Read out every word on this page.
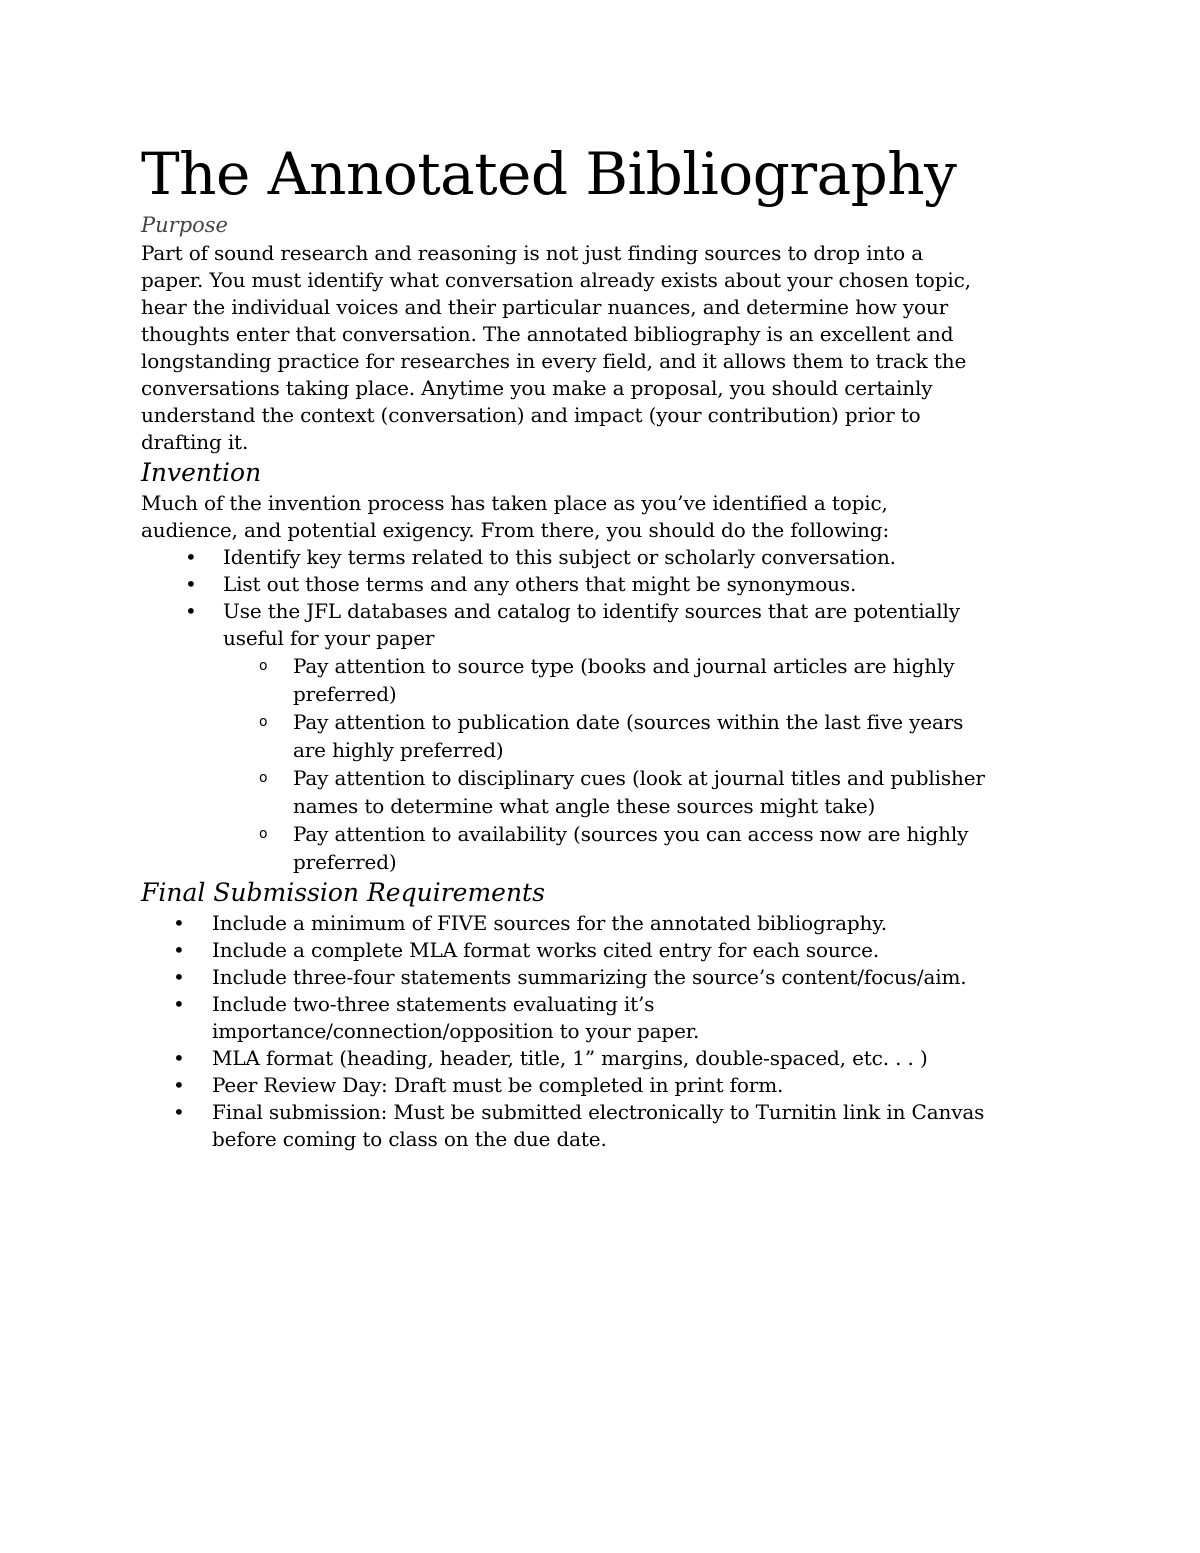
The Annotated Bibliography
Purpose

Part of sound research and reasoning is not just finding sources to drop into a
paper. You must identify what conversation already exists about your chosen topic,
hear the individual voices and their particular nuances, and determine how your
thoughts enter that conversation. The annotated bibliography is an excellent and
longstanding practice for researches in every field, and it allows them to track the
conversations taking place. Anytime you make a proposal, you should certainly
understand the context (conversation) and impact (your contribution) prior to
drafting it.

Invention

Much of the invention process has taken place as you’ve identified a topic,
audience, and potential exigency. From there, you should do the following:

• Identify key terms related to this subject or scholarly conversation.
• List out those terms and any others that might be synonymous.
• Use the JFL databases and catalog to identify sources that are potentially
useful for your paper
o Pay attention to source type (books and journal articles are highly
preferred)
o Pay attention to publication date (sources within the last five years
are highly preferred)
o Pay attention to disciplinary cues (look at journal titles and publisher
names to determine what angle these sources might take)
o Pay attention to availability (sources you can access now are highly
preferred)
Final Submission Requirements
• Include a minimum of FIVE sources for the annotated bibliography.
• Include a complete MLA format works cited entry for each source.
• Include three-four statements summarizing the source’s content/focus/aim.
• Include two-three statements evaluating it’s
importance/connection/opposition to your paper.
• MLA format (heading, header, title, 1” margins, double-spaced, etc. . . )
• Peer Review Day: Draft must be completed in print form.
• Final submission: Must be submitted electronically to Turnitin link in Canvas
before coming to class on the due date.
